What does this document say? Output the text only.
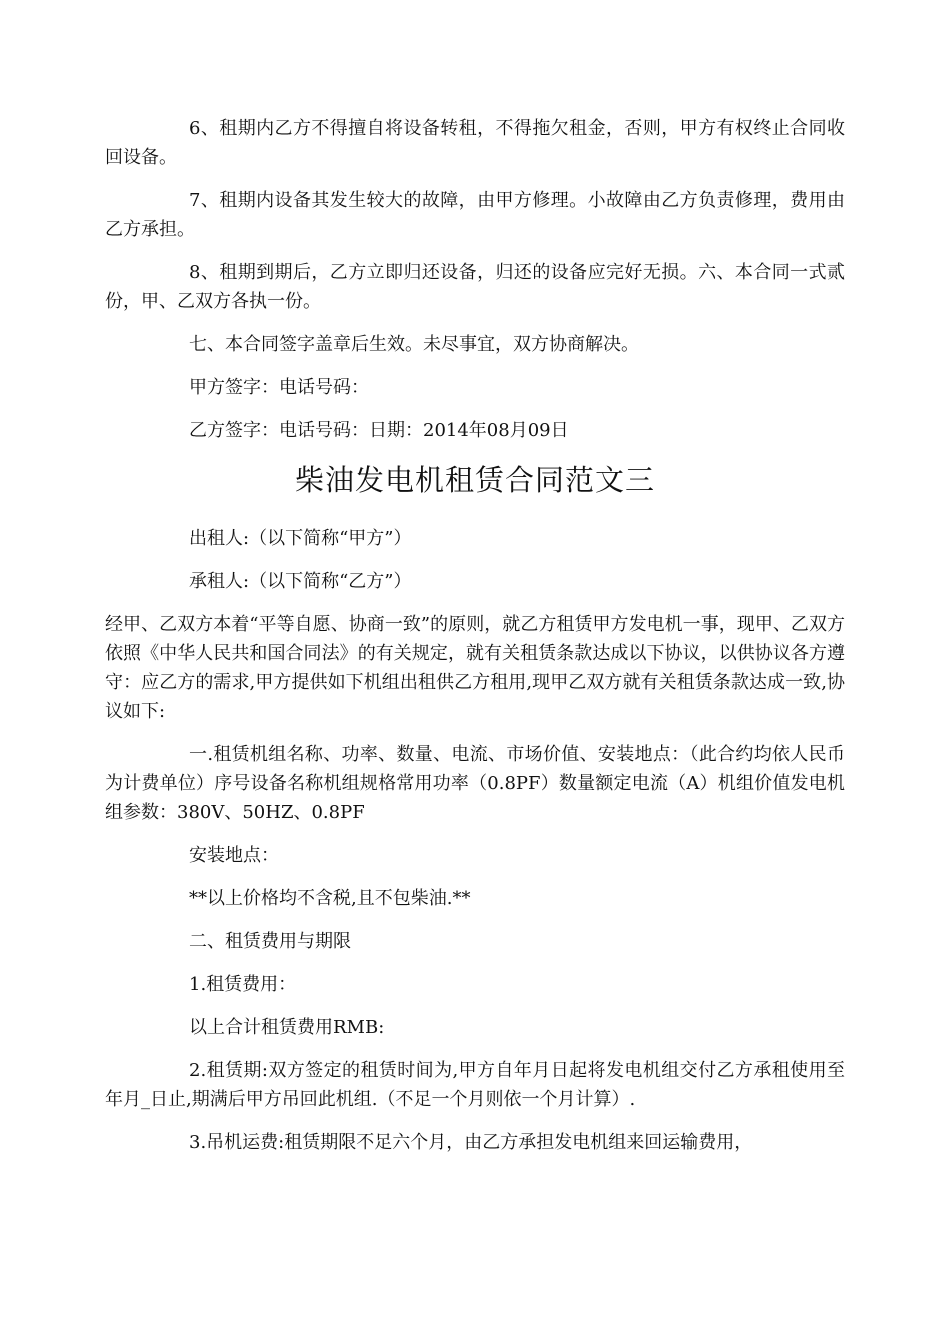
6、租期内乙方不得擅自将设备转租，不得拖欠租金，否则，甲方有权终止合同收回设备。

7、租期内设备其发生较大的故障，由甲方修理。小故障由乙方负责修理，费用由乙方承担。

8、租期到期后，乙方立即归还设备，归还的设备应完好无损。六、本合同一式贰份，甲、乙双方各执一份。

七、本合同签字盖章后生效。未尽事宜，双方协商解决。

甲方签字：电话号码：

乙方签字：电话号码：日期：2014年08月09日

柴油发电机租赁合同范文三

出租人:（以下简称“甲方”）

承租人:（以下简称“乙方”）

经甲、乙双方本着“平等自愿、协商一致”的原则，就乙方租赁甲方发电机一事，现甲、乙双方依照《中华人民共和国合同法》的有关规定，就有关租赁条款达成以下协议，以供协议各方遵守：应乙方的需求,甲方提供如下机组出租供乙方租用,现甲乙双方就有关租赁条款达成一致,协议如下:

一.租赁机组名称、功率、数量、电流、市场价值、安装地点：（此合约均依人民币为计费单位）序号设备名称机组规格常用功率（0.8PF）数量额定电流（A）机组价值发电机组参数：380V、50HZ、0.8PF

安装地点：

**以上价格均不含税,且不包柴油.**

二、租赁费用与期限

1.租赁费用：

以上合计租赁费用RMB:

2.租赁期:双方签定的租赁时间为,甲方自年月日起将发电机组交付乙方承租使用至年月_日止,期满后甲方吊回此机组.（不足一个月则依一个月计算）.

3.吊机运费:租赁期限不足六个月，由乙方承担发电机组来回运输费用，
